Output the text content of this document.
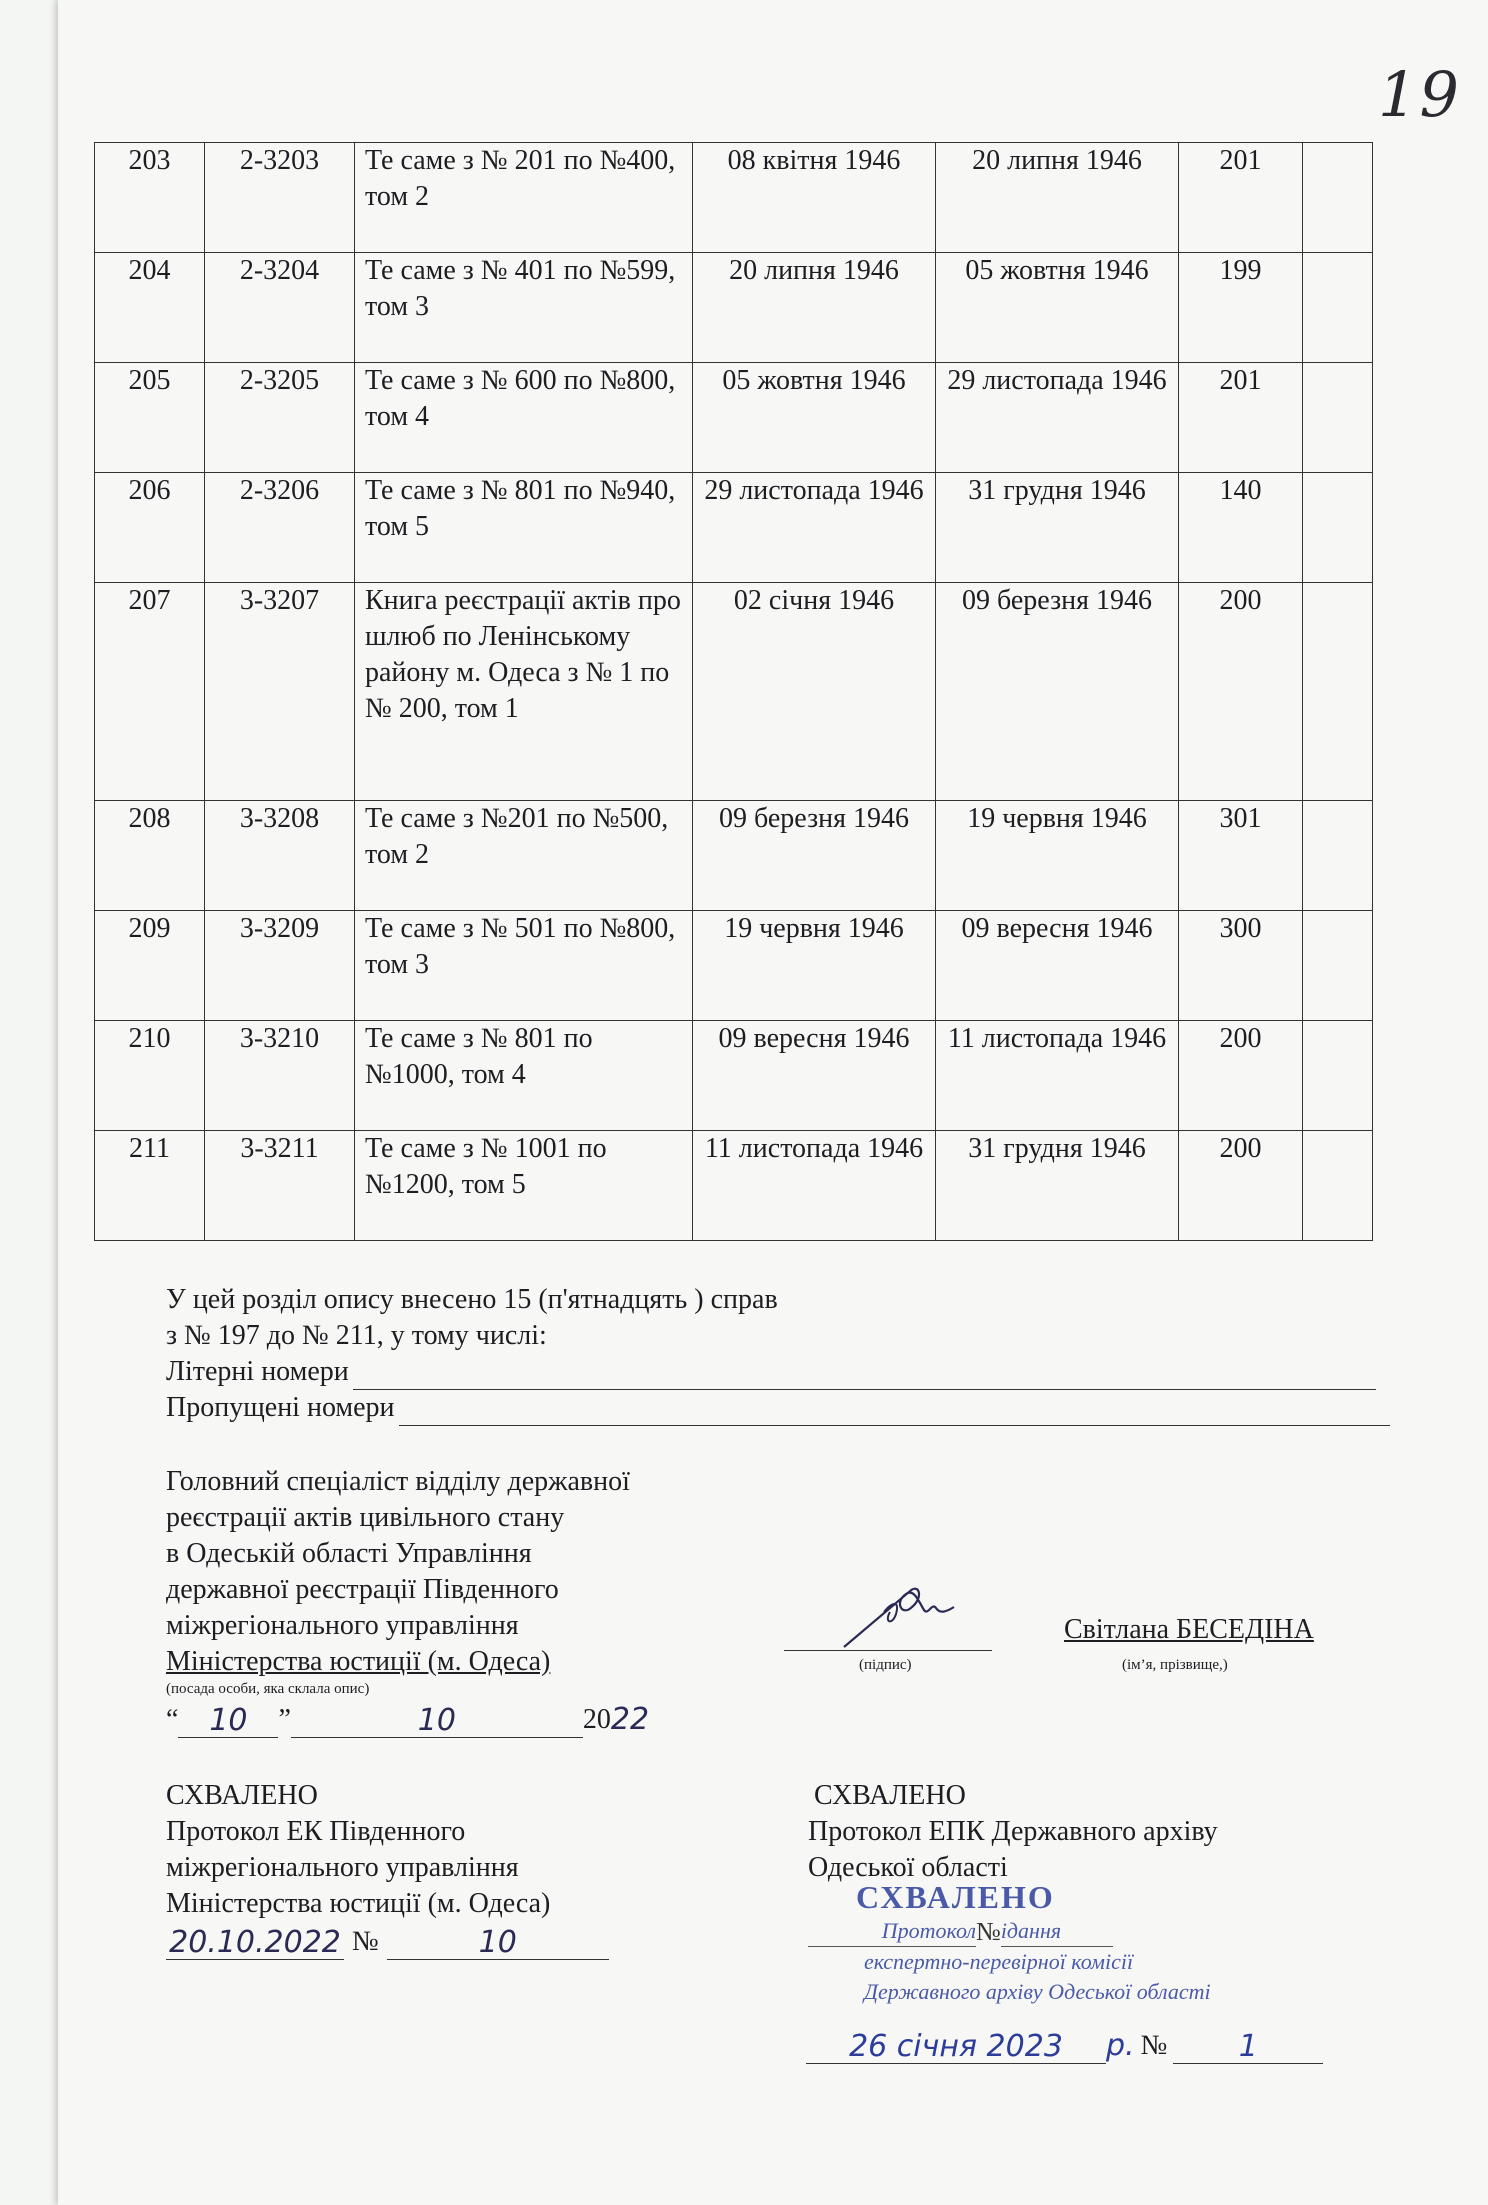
19
203	2-3203	Те саме з № 201 по №400, том 2	08 квітня 1946	20 липня 1946	201	
204	2-3204	Те саме з № 401 по №599, том 3	20 липня 1946	05 жовтня 1946	199	
205	2-3205	Те саме з № 600 по №800, том 4	05 жовтня 1946	29 листопада 1946	201	
206	2-3206	Те саме з № 801 по №940, том 5	29 листопада 1946	31 грудня 1946	140	
207	3-3207	Книга реєстрації актів про шлюб по Ленінському району м. Одеса з № 1 по № 200, том 1	02 січня 1946	09 березня 1946	200	
208	3-3208	Те саме з №201 по №500, том 2	09 березня 1946	19 червня 1946	301	
209	3-3209	Те саме з № 501 по №800, том 3	19 червня 1946	09 вересня 1946	300	
210	3-3210	Те саме з № 801 по №1000, том 4	09 вересня 1946	11 листопада 1946	200	
211	3-3211	Те саме з № 1001 по №1200, том 5	11 листопада 1946	31 грудня 1946	200	
У цей розділ опису внесено 15 (п'ятнадцять ) справ
з № 197 до № 211, у тому числі:
Літерні номери
Пропущені номери
Головний спеціаліст відділу державної
реєстрації актів цивільного стану
в Одеській області Управління
державної реєстрації Південного
міжрегіонального управління
Міністерства юстиції (м. Одеса)
(посада особи, яка склала опис)
“	10	”	10	20 22
(підпис)
Світлана БЕСЕДІНА
(ім’я, прізвище,)
СХВАЛЕНО
Протокол ЕК Південного
міжрегіонального управління
Міністерства юстиції (м. Одеса)
20.10.2022 №	10
СХВАЛЕНО
Протокол ЕПК Державного архіву
Одеської області
СХВАЛЕНО
Протокол № ідання
експертно-перевірної комісії
Державного архіву Одеської області
26 січня 2023	р. №	1
